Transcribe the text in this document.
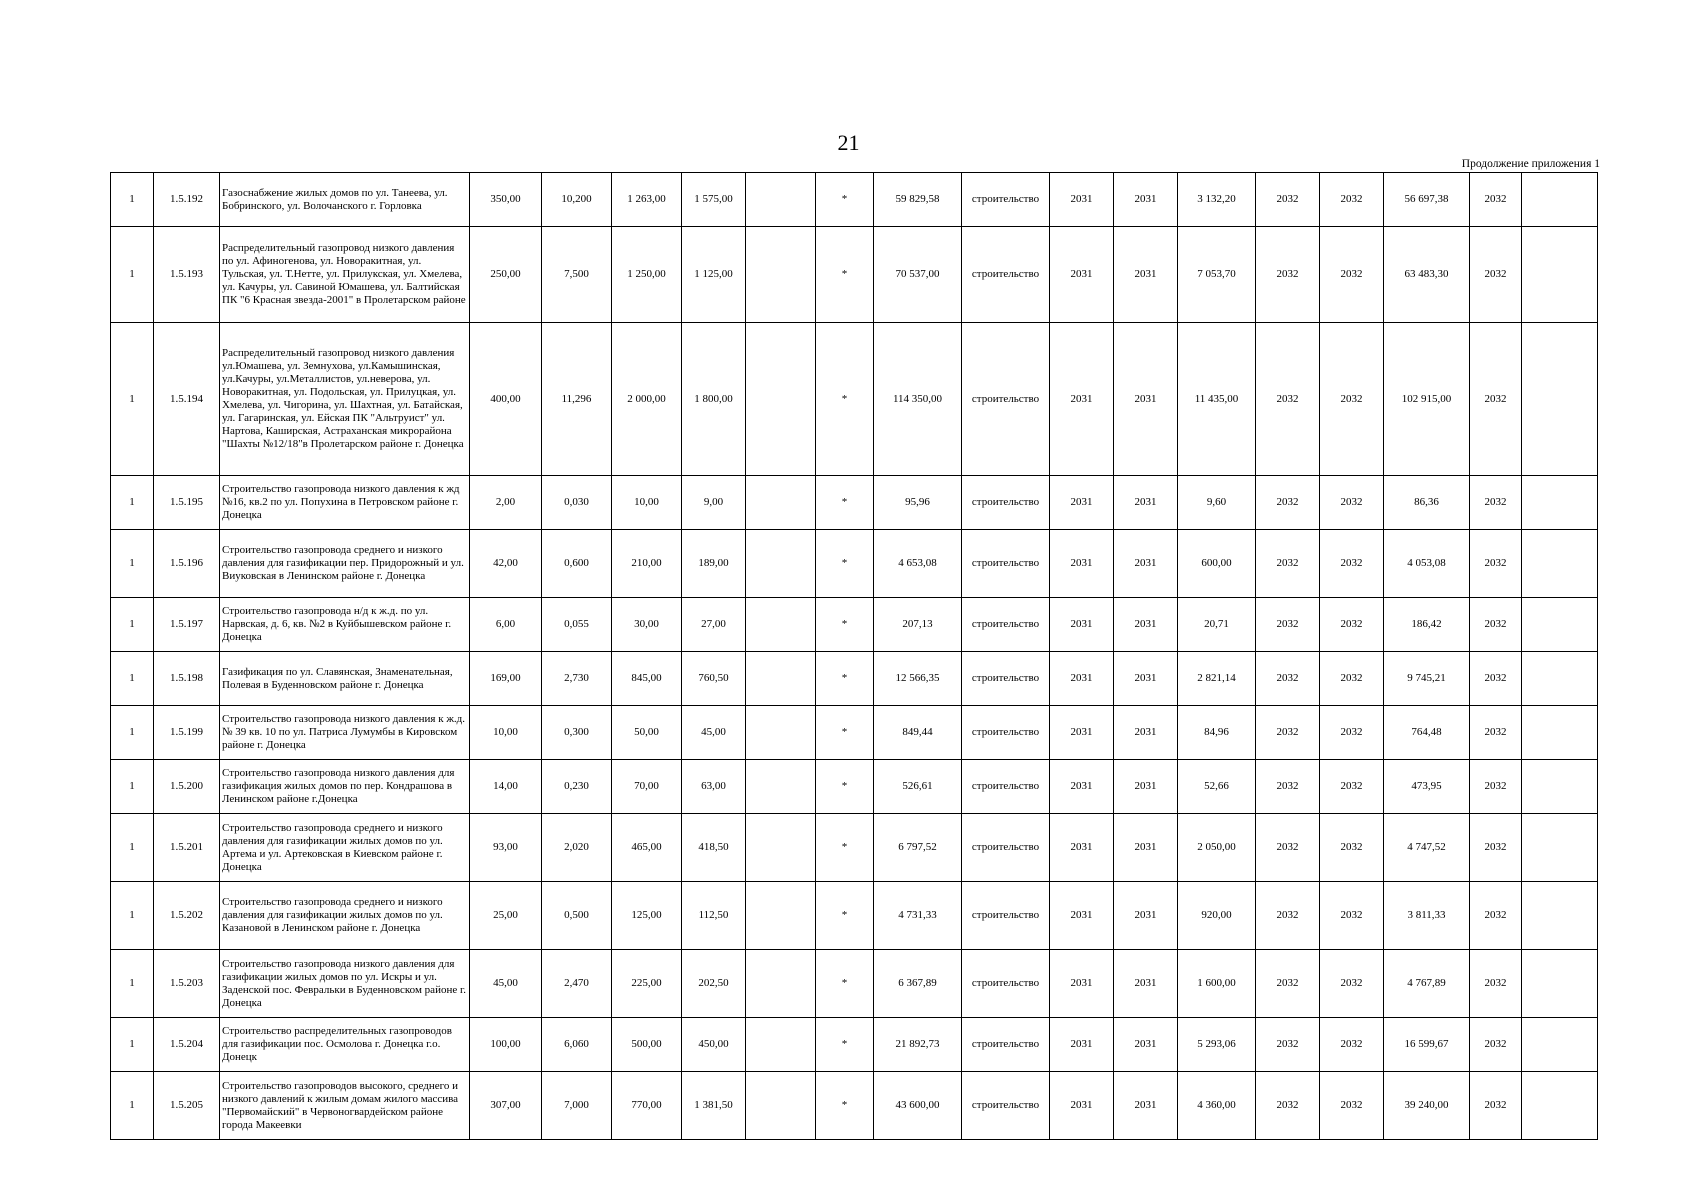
21
Продолжение приложения 1
1	1.5.192	Газоснабжение жилых домов по ул. Танеева, ул. Бобринского, ул. Волочанского г. Горловка	350,00	10,200	1 263,00	1 575,00		*	59 829,58	строительство	2031	2031	3 132,20	2032	2032	56 697,38	2032	
1	1.5.193	Распределительный газопровод низкого давления по ул. Афиногенова, ул. Новоракитная, ул. Тульская, ул. Т.Нетте, ул. Прилукская, ул. Хмелева, ул. Качуры, ул. Савиной Юмашева, ул. Балтийская ПК "6 Красная звезда-2001" в Пролетарском районе	250,00	7,500	1 250,00	1 125,00		*	70 537,00	строительство	2031	2031	7 053,70	2032	2032	63 483,30	2032	
1	1.5.194	Распределительный газопровод низкого давления ул.Юмашева, ул. Земнухова, ул.Камышинская, ул.Качуры, ул.Металлистов, ул.неверова, ул. Новоракитная, ул. Подольская, ул. Прилуцкая, ул. Хмелева, ул. Чигорина, ул. Шахтная, ул. Батайская, ул. Гагаринская, ул. Ейская ПК "Альтруист" ул. Нартова, Каширская, Астраханская микрорайона "Шахты №12/18"в Пролетарском районе г. Донецка	400,00	11,296	2 000,00	1 800,00		*	114 350,00	строительство	2031	2031	11 435,00	2032	2032	102 915,00	2032	
1	1.5.195	Строительство газопровода низкого давления к жд №16, кв.2 по ул. Попухина в Петровском районе г. Донецка	2,00	0,030	10,00	9,00		*	95,96	строительство	2031	2031	9,60	2032	2032	86,36	2032	
1	1.5.196	Строительство газопровода среднего и низкого давления для газификации пер. Придорожный и ул. Виуковская в Ленинском районе г. Донецка	42,00	0,600	210,00	189,00		*	4 653,08	строительство	2031	2031	600,00	2032	2032	4 053,08	2032	
1	1.5.197	Строительство газопровода н/д к ж.д. по ул. Нарвская, д. 6, кв. №2 в Куйбышевском районе г. Донецка	6,00	0,055	30,00	27,00		*	207,13	строительство	2031	2031	20,71	2032	2032	186,42	2032	
1	1.5.198	Газификация по ул. Славянская, Знаменательная, Полевая в Буденновском районе г. Донецка	169,00	2,730	845,00	760,50		*	12 566,35	строительство	2031	2031	2 821,14	2032	2032	9 745,21	2032	
1	1.5.199	Строительство газопровода низкого давления к ж.д. № 39 кв. 10 по ул. Патриса Лумумбы в Кировском районе г. Донецка	10,00	0,300	50,00	45,00		*	849,44	строительство	2031	2031	84,96	2032	2032	764,48	2032	
1	1.5.200	Строительство газопровода низкого давления для газификация жилых домов по пер. Кондрашова в Ленинском районе г.Донецка	14,00	0,230	70,00	63,00		*	526,61	строительство	2031	2031	52,66	2032	2032	473,95	2032	
1	1.5.201	Строительство газопровода среднего и низкого давления для газификации жилых домов по ул. Артема и ул. Артековская в Киевском районе г. Донецка	93,00	2,020	465,00	418,50		*	6 797,52	строительство	2031	2031	2 050,00	2032	2032	4 747,52	2032	
1	1.5.202	Строительство газопровода среднего и низкого давления для газификации жилых домов по ул. Казановой в Ленинском районе г. Донецка	25,00	0,500	125,00	112,50		*	4 731,33	строительство	2031	2031	920,00	2032	2032	3 811,33	2032	
1	1.5.203	Строительство газопровода низкого давления для газификации жилых домов по ул. Искры и ул. Заденской пос. Февральки в Буденновском районе г. Донецка	45,00	2,470	225,00	202,50		*	6 367,89	строительство	2031	2031	1 600,00	2032	2032	4 767,89	2032	
1	1.5.204	Строительство распределительных газопроводов для газификации пос. Осмолова г. Донецка г.о. Донецк	100,00	6,060	500,00	450,00		*	21 892,73	строительство	2031	2031	5 293,06	2032	2032	16 599,67	2032	
1	1.5.205	Строительство газопроводов высокого, среднего и низкого давлений к жилым домам жилого массива "Первомайский" в Червоногвардейском районе города Макеевки	307,00	7,000	770,00	1 381,50		*	43 600,00	строительство	2031	2031	4 360,00	2032	2032	39 240,00	2032	
